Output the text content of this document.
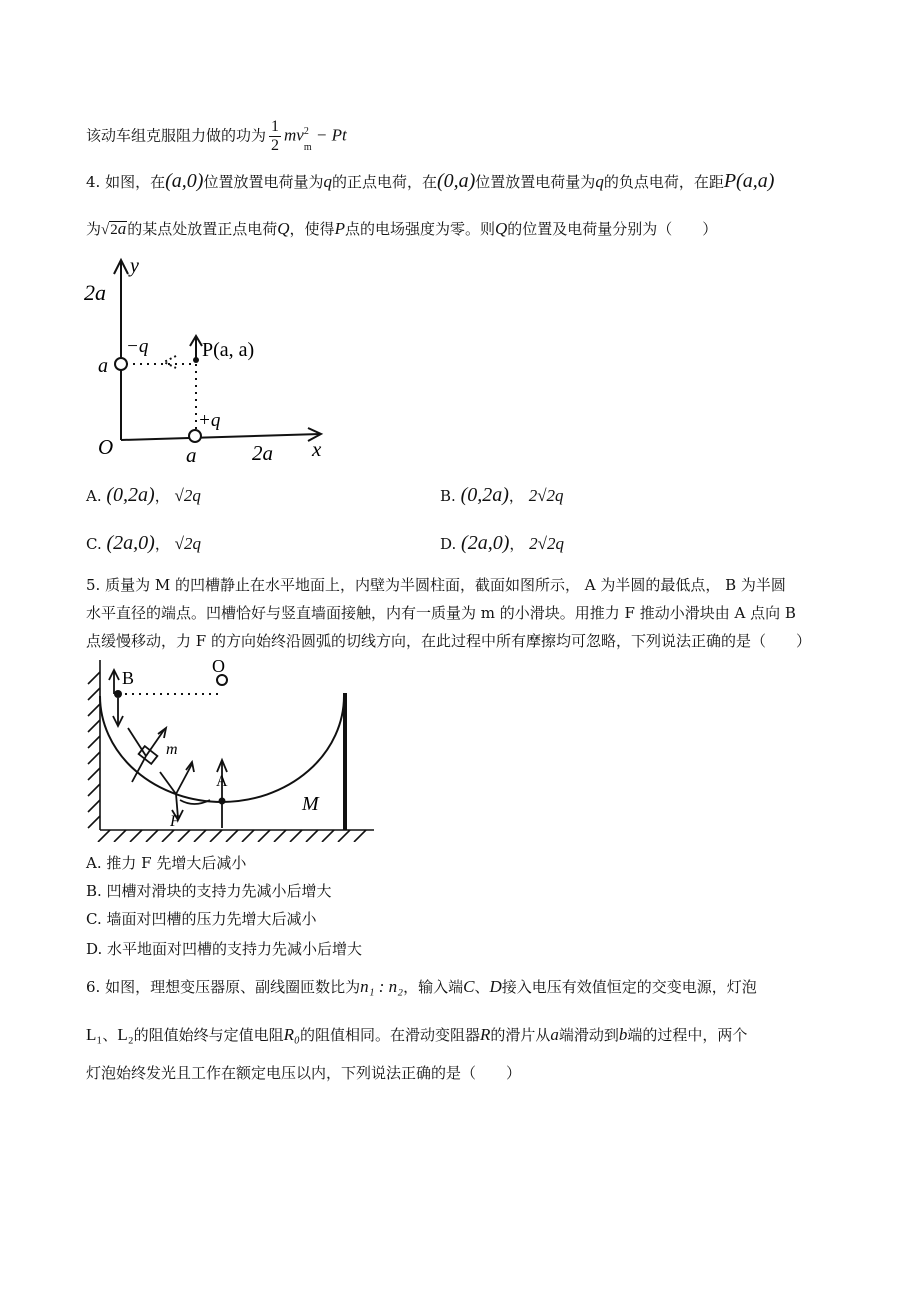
该动车组克服阻力做的功为 $\frac{1}{2}$ mv 2
m
− Pt
4. 如图，在(a,0)位置放置电荷量为q的正点电荷，在(0,a)位置放置电荷量为q的负点电荷，在距P(a,a)
为√2a的某点处放置正点电荷Q，使得P点的电场强度为零。则Q的位置及电荷量分别为（　　）
2a
y
a
−q	P(a, a)
+q
O	a	2a x
A. (0,2a)， √2q	B. (0,2a)， 2√2q
C. (2a,0)， √2q	D. (2a,0)， 2√2q
5. 质量为 M 的凹槽静止在水平地面上，内壁为半圆柱面，截面如图所示， A 为半圆的最低点， B 为半圆
水平直径的端点。凹槽恰好与竖直墙面接触，内有一质量为 m 的小滑块。用推力 F 推动小滑块由 A 点向 B
点缓慢移动，力 F 的方向始终沿圆弧的切线方向，在此过程中所有摩擦均可忽略，下列说法正确的是（　　）
B
O
A
M
m
F
A. 推力 F 先增大后减小
B. 凹槽对滑块的支持力先减小后增大
C. 墙面对凹槽的压力先增大后减小
D. 水平地面对凹槽的支持力先减小后增大
6. 如图，理想变压器原、副线圈匝数比为n₁ : n₂，输入端C、D接入电压有效值恒定的交变电源，灯泡
L₁、L₂的阻值始终与定值电阻R₀的阻值相同。在滑动变阻器R的滑片从a端滑动到b端的过程中，两个
灯泡始终发光且工作在额定电压以内，下列说法正确的是（　　）
